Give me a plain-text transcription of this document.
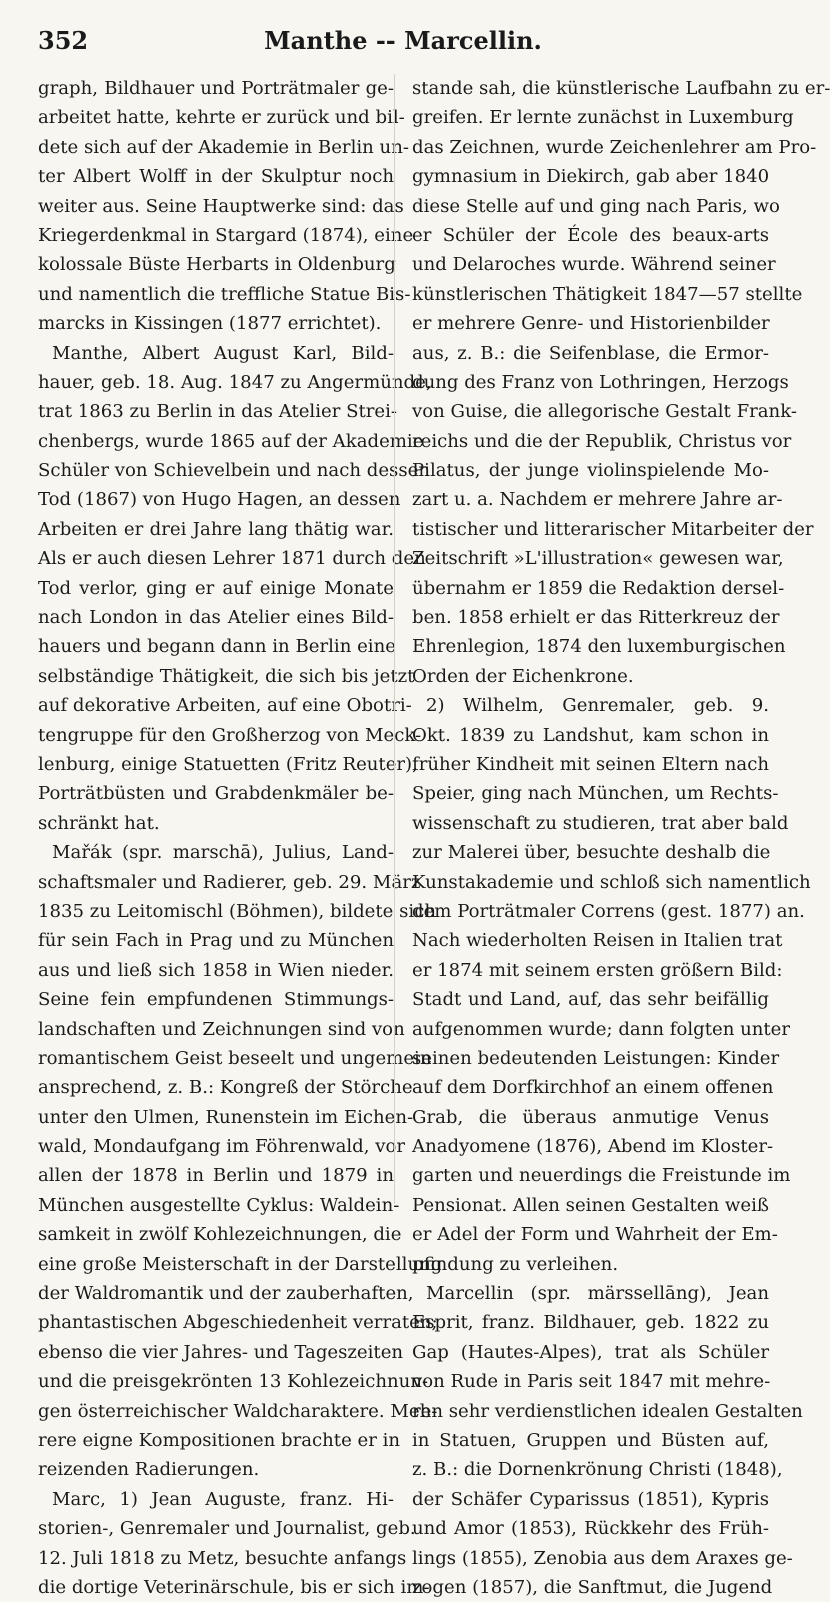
352	Manthe -- Marcellin.
graph, Bildhauer und Porträtmaler ge-
arbeitet hatte, kehrte er zurück und bil-
dete sich auf der Akademie in Berlin un-
ter Albert Wolff in der Skulptur noch
weiter aus. Seine Hauptwerke sind: das
Kriegerdenkmal in Stargard (1874), eine
kolossale Büste Herbarts in Oldenburg
und namentlich die treffliche Statue Bis-
marcks in Kissingen (1877 errichtet).
Manthe, Albert August Karl, Bild-
hauer, geb. 18. Aug. 1847 zu Angermünde,
trat 1863 zu Berlin in das Atelier Strei-
chenbergs, wurde 1865 auf der Akademie
Schüler von Schievelbein und nach dessen
Tod (1867) von Hugo Hagen, an dessen
Arbeiten er drei Jahre lang thätig war.
Als er auch diesen Lehrer 1871 durch den
Tod verlor, ging er auf einige Monate
nach London in das Atelier eines Bild-
hauers und begann dann in Berlin eine
selbständige Thätigkeit, die sich bis jetzt
auf dekorative Arbeiten, auf eine Obotri-
tengruppe für den Großherzog von Meck-
lenburg, einige Statuetten (Fritz Reuter),
Porträtbüsten und Grabdenkmäler be-
schränkt hat.
Mařák (spr. marschā), Julius, Land-
schaftsmaler und Radierer, geb. 29. März
1835 zu Leitomischl (Böhmen), bildete sich
für sein Fach in Prag und zu München
aus und ließ sich 1858 in Wien nieder.
Seine fein empfundenen Stimmungs-
landschaften und Zeichnungen sind von
romantischem Geist beseelt und ungemein
ansprechend, z. B.: Kongreß der Störche
unter den Ulmen, Runenstein im Eichen-
wald, Mondaufgang im Föhrenwald, vor
allen der 1878 in Berlin und 1879 in
München ausgestellte Cyklus: Waldein-
samkeit in zwölf Kohlezeichnungen, die
eine große Meisterschaft in der Darstellung
der Waldromantik und der zauberhaften,
phantastischen Abgeschiedenheit verraten;
ebenso die vier Jahres- und Tageszeiten
und die preisgekrönten 13 Kohlezeichnun-
gen österreichischer Waldcharaktere. Meh-
rere eigne Kompositionen brachte er in
reizenden Radierungen.
Marc, 1) Jean Auguste, franz. Hi-
storien-, Genremaler und Journalist, geb.
12. Juli 1818 zu Metz, besuchte anfangs
die dortige Veterinärschule, bis er sich im-
stande sah, die künstlerische Laufbahn zu er-
greifen. Er lernte zunächst in Luxemburg
das Zeichnen, wurde Zeichenlehrer am Pro-
gymnasium in Diekirch, gab aber 1840
diese Stelle auf und ging nach Paris, wo
er Schüler der École des beaux-arts
und Delaroches wurde. Während seiner
künstlerischen Thätigkeit 1847—57 stellte
er mehrere Genre- und Historienbilder
aus, z. B.: die Seifenblase, die Ermor-
dung des Franz von Lothringen, Herzogs
von Guise, die allegorische Gestalt Frank-
reichs und die der Republik, Christus vor
Pilatus, der junge violinspielende Mo-
zart u. a. Nachdem er mehrere Jahre ar-
tistischer und litterarischer Mitarbeiter der
Zeitschrift »L'illustration« gewesen war,
übernahm er 1859 die Redaktion dersel-
ben. 1858 erhielt er das Ritterkreuz der
Ehrenlegion, 1874 den luxemburgischen
Orden der Eichenkrone.
2) Wilhelm, Genremaler, geb. 9.
Okt. 1839 zu Landshut, kam schon in
früher Kindheit mit seinen Eltern nach
Speier, ging nach München, um Rechts-
wissenschaft zu studieren, trat aber bald
zur Malerei über, besuchte deshalb die
Kunstakademie und schloß sich namentlich
dem Porträtmaler Correns (gest. 1877) an.
Nach wiederholten Reisen in Italien trat
er 1874 mit seinem ersten größern Bild:
Stadt und Land, auf, das sehr beifällig
aufgenommen wurde; dann folgten unter
seinen bedeutenden Leistungen: Kinder
auf dem Dorfkirchhof an einem offenen
Grab, die überaus anmutige Venus
Anadyomene (1876), Abend im Kloster-
garten und neuerdings die Freistunde im
Pensionat. Allen seinen Gestalten weiß
er Adel der Form und Wahrheit der Em-
pfindung zu verleihen.
Marcellin (spr. märssellāng), Jean
Esprit, franz. Bildhauer, geb. 1822 zu
Gap (Hautes-Alpes), trat als Schüler
von Rude in Paris seit 1847 mit mehre-
ren sehr verdienstlichen idealen Gestalten
in Statuen, Gruppen und Büsten auf,
z. B.: die Dornenkrönung Christi (1848),
der Schäfer Cyparissus (1851), Kypris
und Amor (1853), Rückkehr des Früh-
lings (1855), Zenobia aus dem Araxes ge-
zogen (1857), die Sanftmut, die Jugend
